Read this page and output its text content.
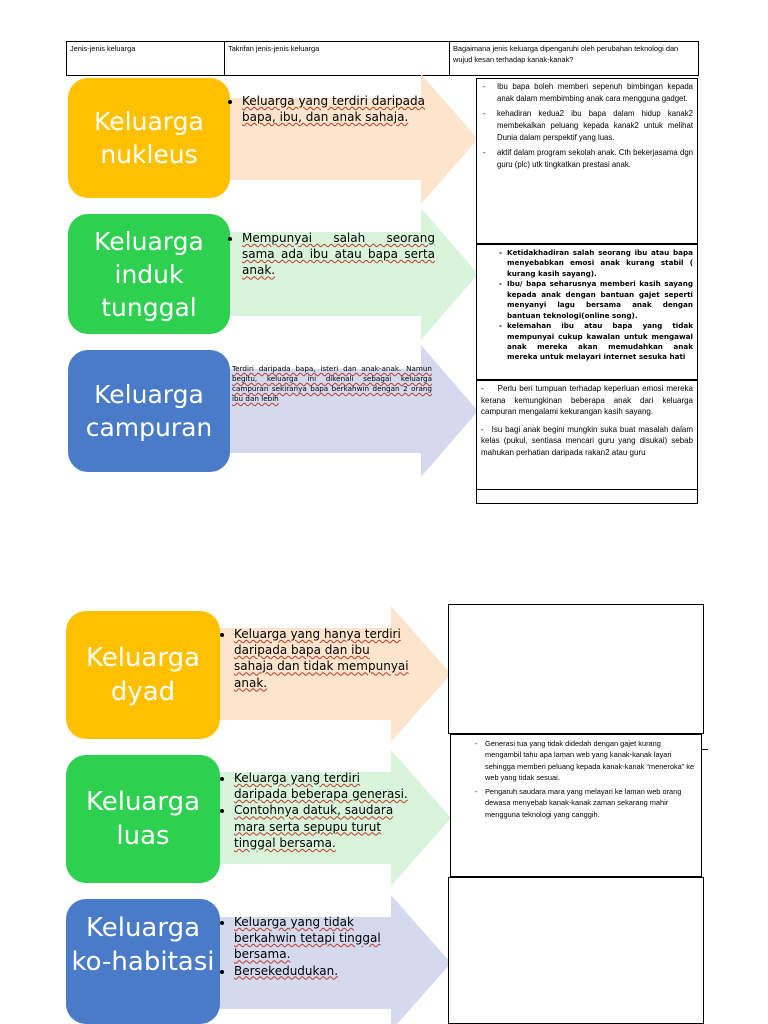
Jenis-jenis keluarga	Takrifan jenis-jenis keluarga	Bagaimana jenis keluarga dipengaruhi oleh perubahan teknologi dan wujud kesan terhadap kanak-kanak?
Keluarga nukleus
• Keluarga yang terdiri daripada bapa, ibu, dan anak sahaja.
Keluarga induk tunggal
• Mempunyai salah seorang sama ada ibu atau bapa serta anak.
Keluarga campuran
Terdiri daripada bapa, isteri dan anak-anak. Namun begitu, keluarga ini dikenali sebagai keluarga campuran sekiranya bapa berkahwin dengan 2 orang ibu dan lebih
- Ibu bapa boleh memberi sepenuh bimbingan kepada anak dalam membimbing anak cara mengguna gadget.
- kehadiran kedua2 ibu bapa dalam hidup kanak2 membekalkan peluang kepada kanak2 untuk melihat Dunia dalam perspektif yang luas.
- aktif dalam program sekolah anak. Cth bekerjasama dgn guru (plc) utk tingkatkan prestasi anak.
- Ketidakhadiran salah seorang ibu atau bapa menyebabkan emosi anak kurang stabil ( kurang kasih sayang).
- Ibu/ bapa seharusnya memberi kasih sayang kepada anak dengan bantuan gajet seperti menyanyi lagu bersama anak dengan bantuan teknologi(online song).
- kelemahan ibu atau bapa yang tidak mempunyai cukup kawalan untuk mengawal anak mereka akan memudahkan anak mereka untuk melayari internet sesuka hati

- Perlu beri tumpuan terhadap keperluan emosi mereka kerana kemungkinan beberapa anak dari keluarga campuran mengalami kekurangan kasih sayang.

- Isu bagi anak begini mungkin suka buat masalah dalam kelas (pukul, sentiasa mencari guru yang disukai) sebab mahukan perhatian daripada rakan2 atau guru

Keluarga dyad
• Keluarga yang hanya terdiri daripada bapa dan ibu sahaja dan tidak mempunyai anak.
Keluarga luas
• Keluarga yang terdiri daripada beberapa generasi.
• Contohnya datuk, saudara mara serta sepupu turut tinggal bersama.
Keluarga ko-habitasi
• Keluarga yang tidak berkahwin tetapi tinggal bersama.
• Bersekedudukan.
- Generasi tua yang tidak didedah dengan gajet kurang mengambil tahu apa laman web yang kanak-kanak layari sehingga memberi peluang kepada kanak-kanak “meneroka” ke web yang tidak sesuai.
- Pengaruh saudara mara yang melayari ke laman web orang dewasa menyebab kanak-kanak zaman sekarang mahir mengguna teknologi yang canggih.
